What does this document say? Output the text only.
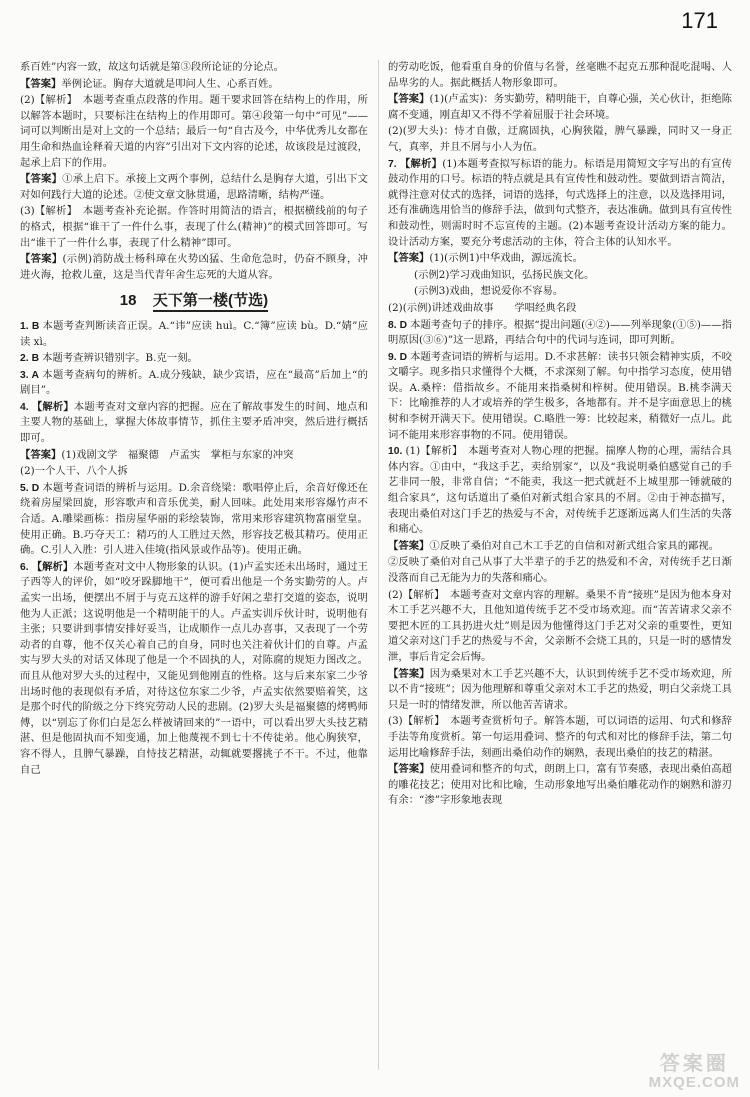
171

系百姓”内容一致，故这句话就是第③段所论证的分论点。

【答案】举例论证。胸存大道就是叩问人生、心系百姓。

(2)【解析】　本题考查重点段落的作用。题干要求回答在结构上的作用，所以解答本题时，只要标注在结构上的作用即可。第④段第一句中“可见”——词可以判断出是对上文的一个总结；最后一句“自古及今，中华优秀儿女都在用生命和热血诠释着天道的内容”引出对下文内容的论述，故该段是过渡段，起承上启下的作用。

【答案】①承上启下。承接上文两个事例，总结什么是胸存大道，引出下文对如何践行大道的论述。②使文章文脉贯通，思路清晰，结构严谨。

(3)【解析】　本题考查补充论据。作答时用简洁的语言，根据横线前的句子的格式，根据“谁干了一件什么事，表现了什么(精神)”的模式回答即可。写出“谁干了一件什么事，表现了什么精神”即可。

【答案】(示例)消防战士杨科璋在火势凶猛、生命危急时，仍奋不顾身，冲进火海，抢救儿童，这是当代青年舍生忘死的大道从容。

18 天下第一楼(节选)

1. B 本题考查判断读音正误。A.“讳”应读 huì。C.“簿”应读 bù。D.“婧”应读 xì。

2. B 本题考查辨识错别字。B.克一刻。

3. A 本题考查病句的辨析。A.成分残缺，缺少宾语，应在“最高”后加上“的剧目”。

4. 【解析】本题考查对文章内容的把握。应在了解故事发生的时间、地点和主要人物的基础上，掌握大体故事情节，抓住主要矛盾冲突，然后进行概括即可。

【答案】(1)戏剧文学　福聚德　卢孟实　掌柜与东家的冲突

(2)一个人干、八个人拆

5. D 本题考查词语的辨析与运用。D.余音绕梁：歌唱停止后，余音好像还在绕着房屋梁回旋，形容歌声和音乐优美，耐人回味。此处用来形容爆竹声不合适。A.雕梁画栋：指房屋华丽的彩绘装饰，常用来形容建筑物富丽堂皇。使用正确。B.巧夺天工：精巧的人工胜过天然，形容技艺极其精巧。使用正确。C.引人入胜：引人进入佳境(指风景或作品等)。使用正确。

6. 【解析】本题考查对文中人物形象的认识。(1)卢孟实还未出场时，通过王子西等人的评价，如“咬牙跺脚地干”，便可看出他是一个务实勤劳的人。卢孟实一出场，便摆出不屑于与克五这样的游手好闲之辈打交道的姿态，说明他为人正派；这说明他是一个精明能干的人。卢孟实训斥伙计时，说明他有主张；只要讲到事情安排好妥当，让成顺作一点儿办喜事，又表现了一个劳动者的自尊，他不仅关心着自己的自身，同时也关注着伙计们的自尊。卢孟实与罗大头的对话又体现了他是一个不固执的人，对陈腐的规矩力图改之。而且从他对罗大头的过程中，又能见到他刚直的性格。这与后来东家二少爷出场时他的表现似有矛盾，对待这位东家二少爷，卢孟实依然要赔着笑，这是那个时代的阶级之分下终究劳动人民的悲剧。(2)罗大头是福聚德的烤鸭师傅，以“别忘了你们白是怎么样被请回来的”一语中，可以看出罗大头技艺精湛、但是他固执而不知变通，加上他蔑视不到七十不传徒弟。他心胸狭窄，容不得人，且脾气暴躁，自恃技艺精湛，动辄就要撂挑子不干。不过，他靠自己

的劳动吃饭，他看重自身的价值与名誉，丝毫瞧不起克五那种混吃混喝、人品卑劣的人。据此概括人物形象即可。

【答案】(1)(卢孟实)：务实勤劳，精明能干，自尊心强，关心伙计，拒绝陈腐不变通，刚直却又不得不学着屈服于社会环境。

(2)(罗大头)：恃才自傲，迂腐固执，心胸狭隘，脾气暴躁，同时又一身正气，真率，并且不屑与小人为伍。

7. 【解析】(1)本题考查拟写标语的能力。标语是用简短文字写出的有宣传鼓动作用的口号。标语的特点就是具有宣传性和鼓动性。要做到语言简洁，就得注意对仗式的选择，词语的选择，句式选择上的注意，以及选择用词，还有准确选用恰当的修辞手法，做到句式整齐，表达准确。做到具有宣传性和鼓动性，则需时时不忘宣传的主题。(2)本题考查设计活动方案的能力。设计活动方案，要充分考虑活动的主体，符合主体的认知水平。

【答案】(1)(示例1)中华戏曲，源远流长。

(示例2)学习戏曲知识，弘扬民族文化。

(示例3)戏曲，想说爱你不容易。

(2)(示例)讲述戏曲故事　　学唱经典名段

8. D 本题考查句子的排序。根据“提出问题(④②)——列举现象(①⑤)——指明原因(③⑥)”这一思路，再结合句中的代词与连词，即可判断。

9. D 本题考查词语的辨析与运用。D.不求甚解：读书只领会精神实质，不咬文嚼字。现多指只求懂得个大概，不求深刻了解。句中指学习态度，使用错误。A.桑梓：借指故乡。不能用来指桑树和梓树。使用错误。B.桃李满天下：比喻推荐的人才或培养的学生极多，各地都有。并不是字面意思上的桃树和李树开满天下。使用错误。C.略胜一筹：比较起来，稍微好一点儿。此词不能用来形容事物的不同。使用错误。

10. (1)【解析】　本题考查对人物心理的把握。揣摩人物的心理，需结合具体内容。①由中，“我这手艺，卖给别家”，以及“我说明桑伯感觉自己的手艺非同一般，非常自信；“不能卖，我这一把式就赶不上城里那一锤就破的组合家具”，这句话道出了桑伯对新式组合家具的不屑。②由于神态描写，表现出桑伯对这门手艺的热爱与不舍，对传统手艺逐渐远离人们生活的失落和痛心。

【答案】①反映了桑伯对自己木工手艺的自信和对新式组合家具的鄙视。

②反映了桑伯对自己从事了大半辈子的手艺的热爱和不舍，对传统手艺日渐没落而自己无能为力的失落和痛心。

(2)【解析】　本题考查对文章内容的理解。桑果不肯“接班”是因为他本身对木工手艺兴趣不大，且他知道传统手艺不受市场欢迎。而“苦苦请求父亲不要把木匠的工具扔进火灶”则是因为他懂得这门手艺对父亲的重要性，更知道父亲对这门手艺的热爱与不舍，父亲断不会烧工具的，只是一时的感情发泄，事后肯定会后悔。

【答案】因为桑果对木工手艺兴趣不大，认识到传统手艺不受市场欢迎，所以不肯“接班”；因为他理解和尊重父亲对木工手艺的热爱，明白父亲烧工具只是一时的情绪发泄，所以他苦苦请求。

(3)【解析】　本题考查赏析句子。解答本题，可以词语的运用、句式和修辞手法等角度赏析。第一句运用叠词、整齐的句式和对比的修辞手法，第二句运用比喻修辞手法，刻画出桑伯动作的娴熟，表现出桑伯的技艺的精湛。

【答案】使用叠词和整齐的句式，朗朗上口，富有节奏感，表现出桑伯高超的雕花技艺；使用对比和比喻，生动形象地写出桑伯雕花动作的娴熟和游刃有余：“渗”字形象地表现

答案圈
MXQE.COM
